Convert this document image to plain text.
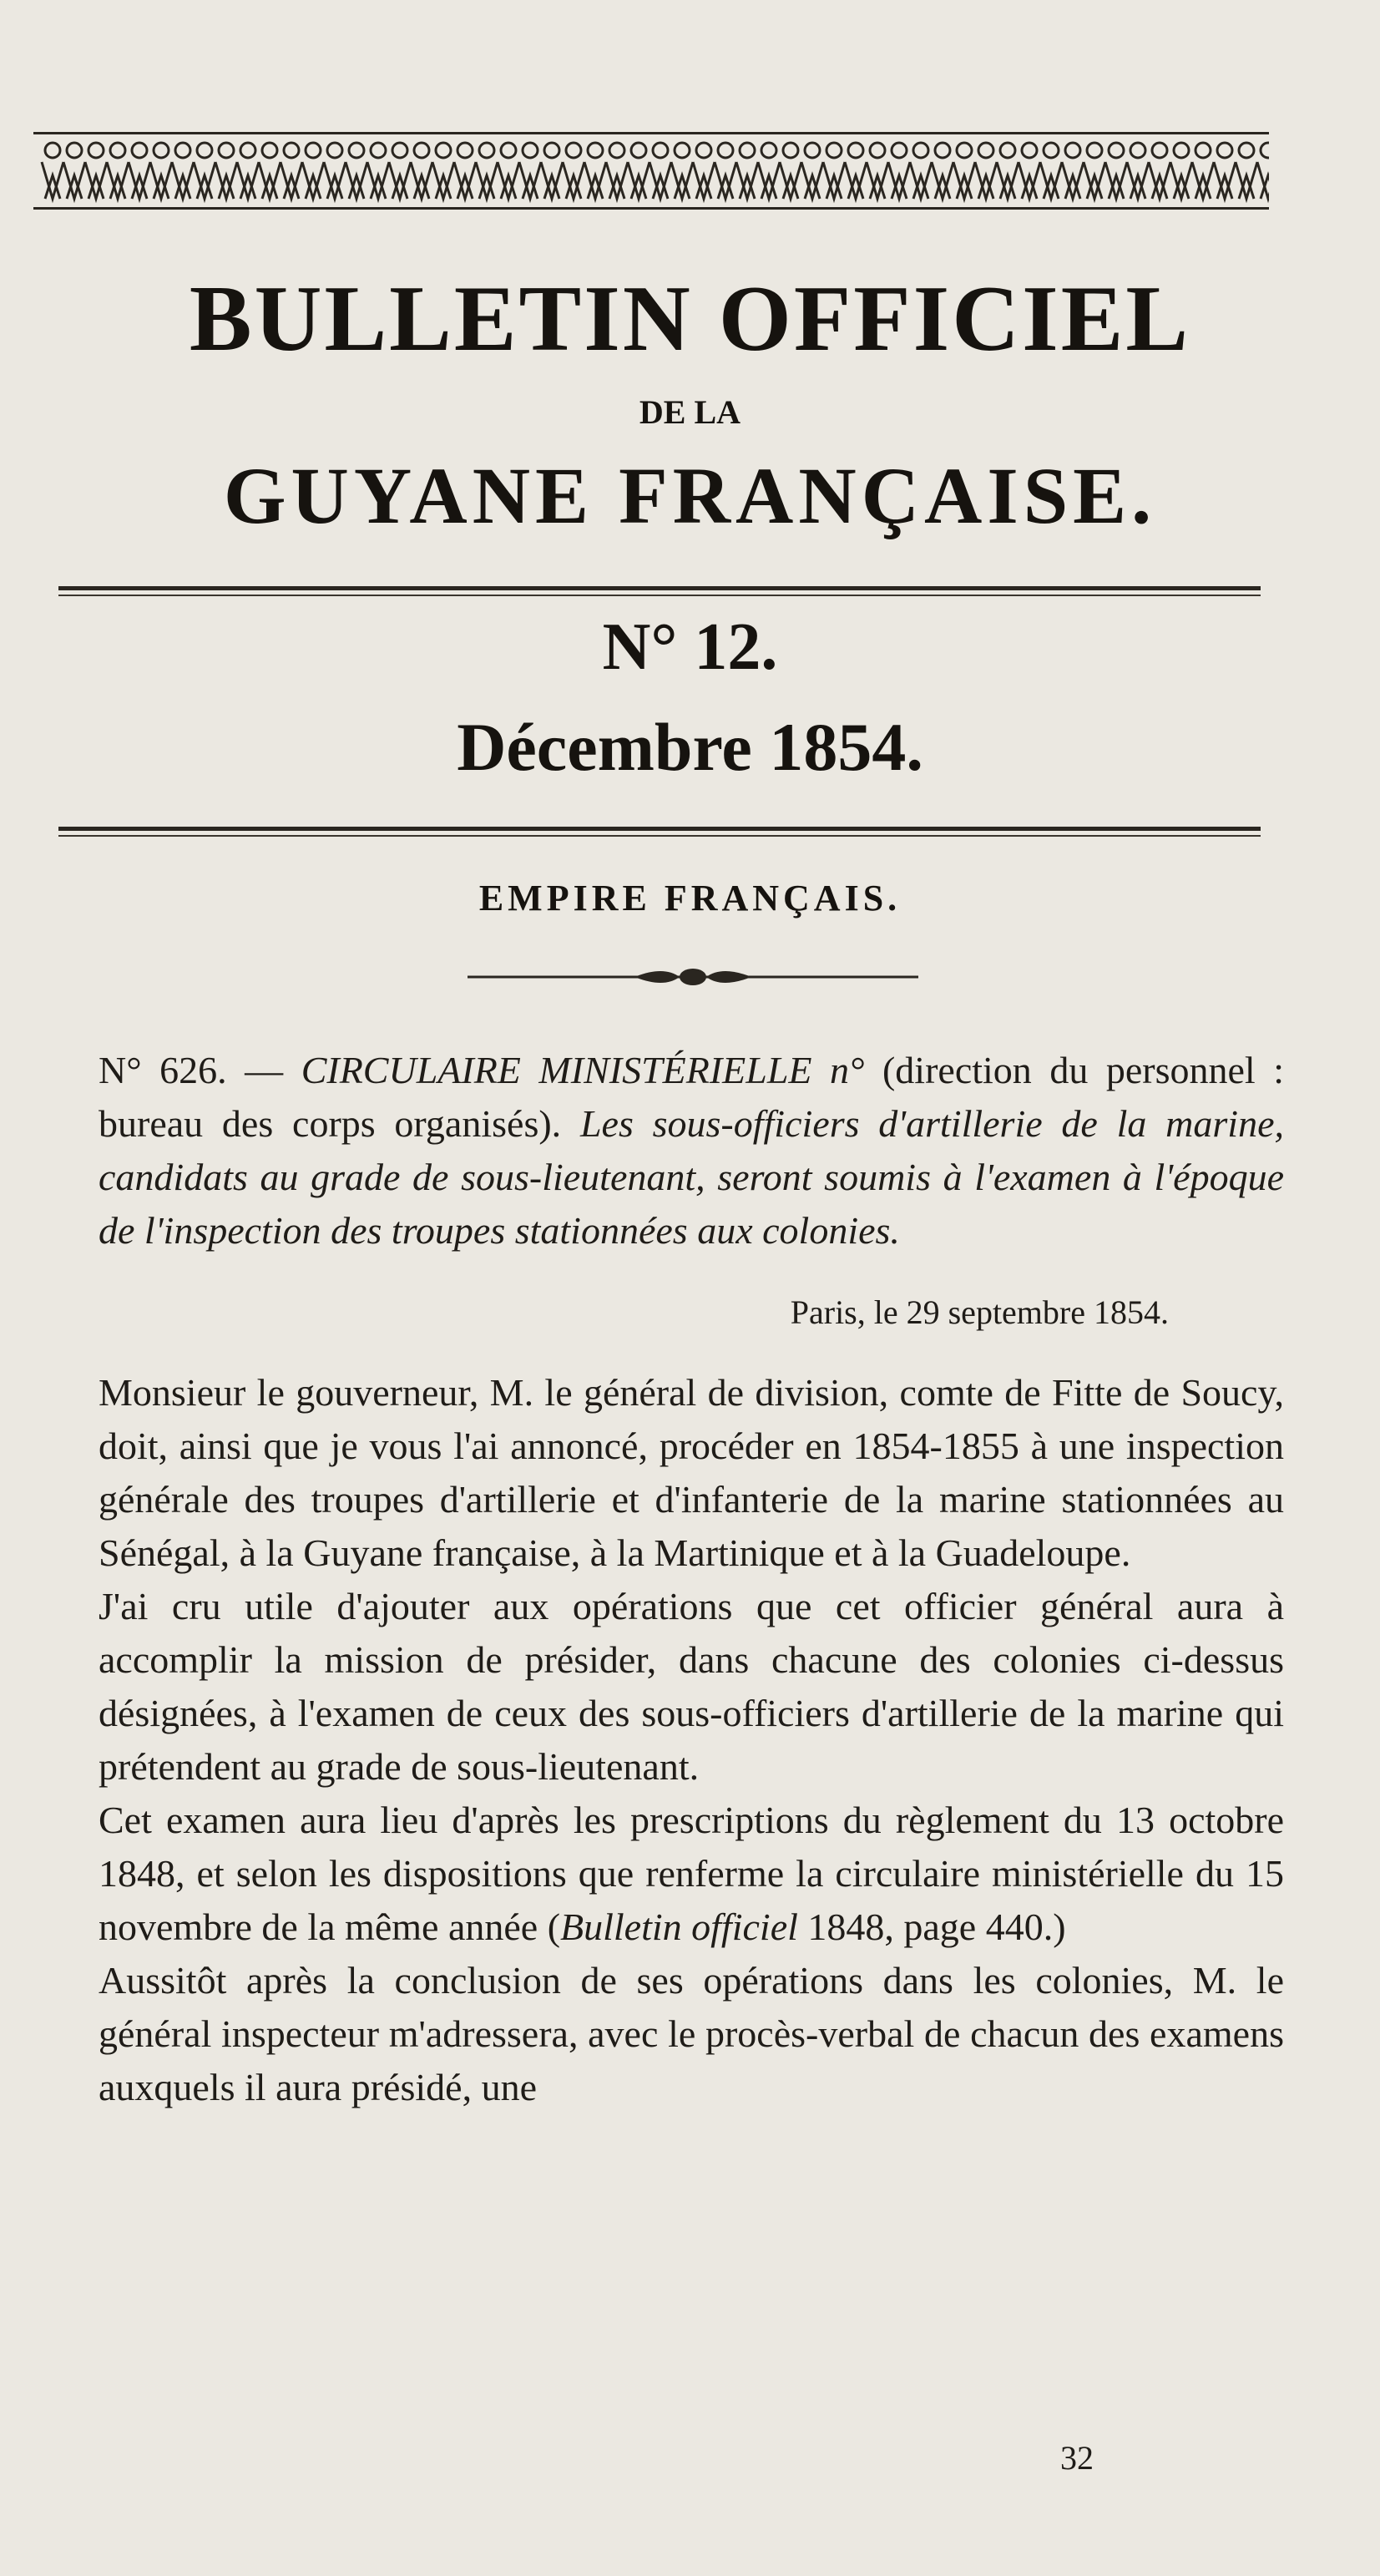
BULLETIN OFFICIEL
DE LA
GUYANE FRANÇAISE.
N° 12.
Décembre 1854.
EMPIRE FRANÇAIS.
N° 626. — CIRCULAIRE MINISTÉRIELLE n° (direction du personnel : bureau des corps organisés). Les sous-officiers d'artillerie de la marine, candidats au grade de sous-lieutenant, seront soumis à l'examen à l'époque de l'inspection des troupes stationnées aux colonies.
Paris, le 29 septembre 1854.

Monsieur le gouverneur, M. le général de division, comte de Fitte de Soucy, doit, ainsi que je vous l'ai annoncé, procéder en 1854-1855 à une inspection générale des troupes d'artillerie et d'infanterie de la marine stationnées au Sénégal, à la Guyane française, à la Martinique et à la Guadeloupe.

J'ai cru utile d'ajouter aux opérations que cet officier général aura à accomplir la mission de présider, dans chacune des colonies ci-dessus désignées, à l'examen de ceux des sous-officiers d'artillerie de la marine qui prétendent au grade de sous-lieutenant.

Cet examen aura lieu d'après les prescriptions du règlement du 13 octobre 1848, et selon les dispositions que renferme la circulaire ministérielle du 15 novembre de la même année (Bulletin officiel 1848, page 440.)

Aussitôt après la conclusion de ses opérations dans les colonies, M. le général inspecteur m'adressera, avec le procès-verbal de chacun des examens auxquels il aura présidé, une

32
